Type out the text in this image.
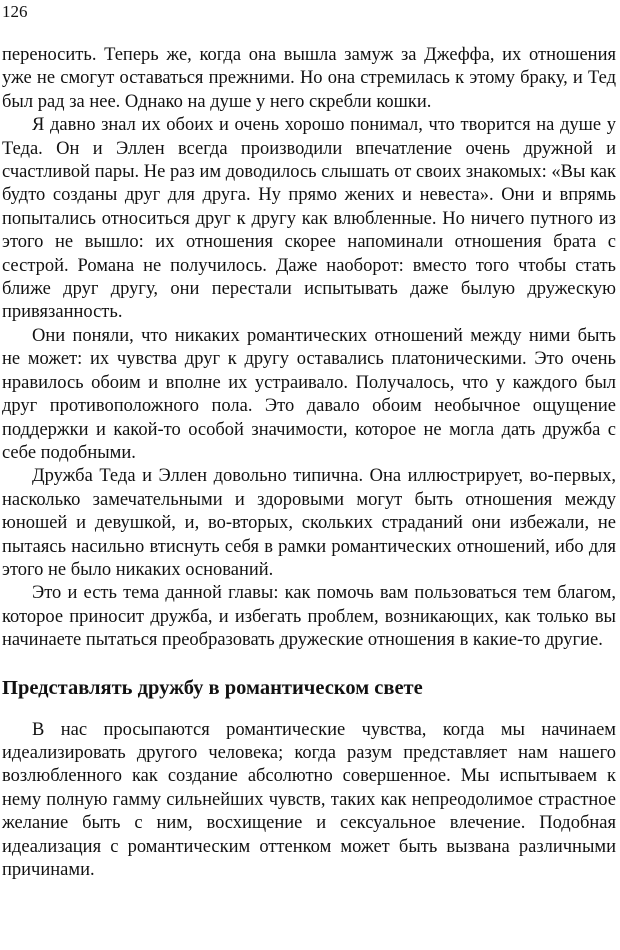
126

переносить. Теперь же, когда она вышла замуж за Джеффа, их отношения уже не смогут оставаться прежними. Но она стремилась к этому браку, и Тед был рад за нее. Однако на душе у него скребли кошки.

Я давно знал их обоих и очень хорошо понимал, что творится на душе у Теда. Он и Эллен всегда производили впечатление очень дружной и счастливой пары. Не раз им доводилось слышать от своих знакомых: «Вы как будто созданы друг для друга. Ну прямо жених и невеста». Они и впрямь попытались относиться друг к другу как влюбленные. Но ничего путного из этого не вышло: их отношения скорее напоминали отношения брата с сестрой. Романа не получилось. Даже наоборот: вместо того чтобы стать ближе друг другу, они перестали испытывать даже былую дружескую привязанность.

Они поняли, что никаких романтических отношений между ними быть не может: их чувства друг к другу оставались платоническими. Это очень нравилось обоим и вполне их устраивало. Получалось, что у каждого был друг противоположного пола. Это давало обоим необычное ощущение поддержки и какой-то особой значимости, которое не могла дать дружба с себе подобными.

Дружба Теда и Эллен довольно типична. Она иллюстрирует, во-первых, насколько замечательными и здоровыми могут быть отношения между юношей и девушкой, и, во-вторых, скольких страданий они избежали, не пытаясь насильно втиснуть себя в рамки романтических отношений, ибо для этого не было никаких оснований.

Это и есть тема данной главы: как помочь вам пользоваться тем благом, которое приносит дружба, и избегать проблем, возникающих, как только вы начинаете пытаться преобразовать дружеские отношения в какие-то другие.

Представлять дружбу в романтическом свете

В нас просыпаются романтические чувства, когда мы начинаем идеализировать другого человека; когда разум представляет нам нашего возлюбленного как создание абсолютно совершенное. Мы испытываем к нему полную гамму сильнейших чувств, таких как непреодолимое страстное желание быть с ним, восхищение и сексуальное влечение. Подобная идеализация с романтическим оттенком может быть вызвана различными причинами.
